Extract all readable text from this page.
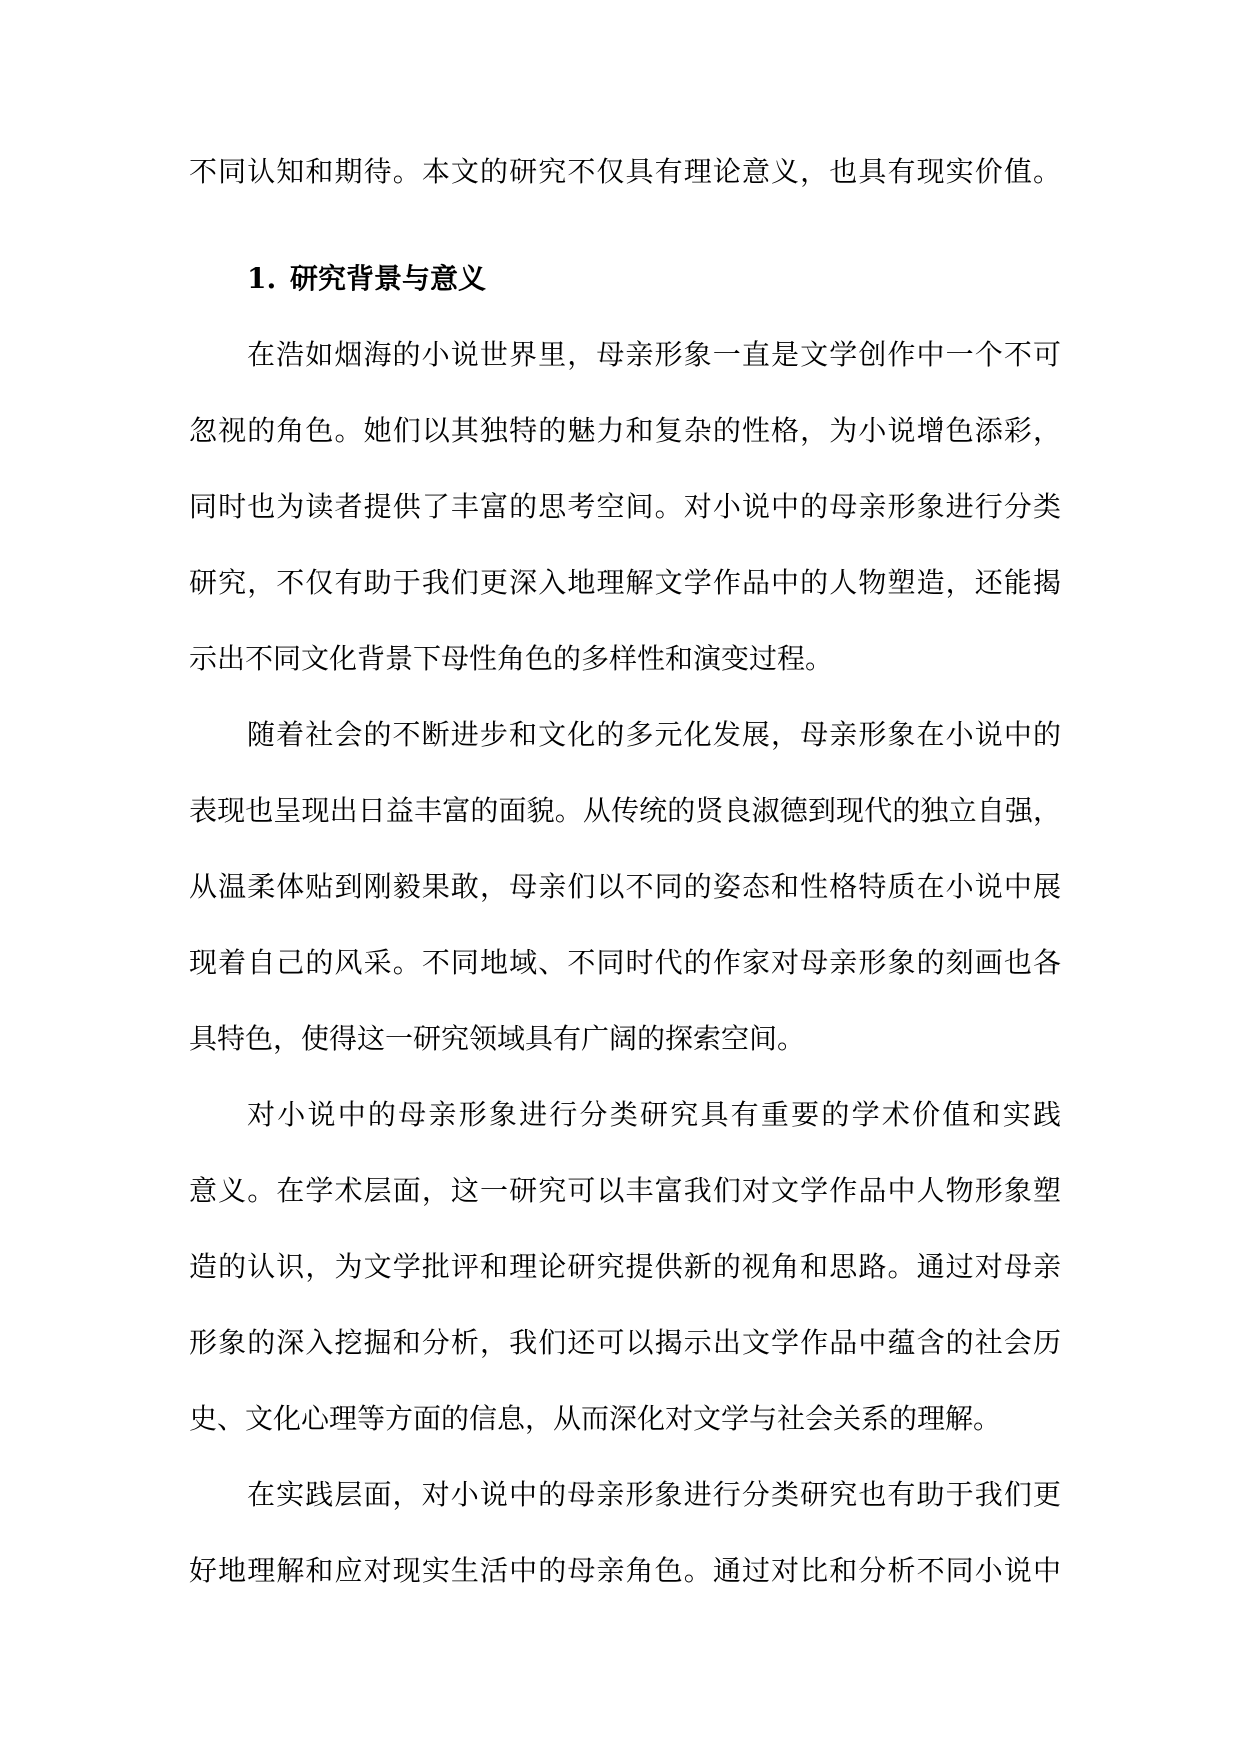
不同认知和期待。本文的研究不仅具有理论意义，也具有现实价值。
1. 研究背景与意义
在浩如烟海的小说世界里，母亲形象一直是文学创作中一个不可
忽视的角色。她们以其独特的魅力和复杂的性格，为小说增色添彩，
同时也为读者提供了丰富的思考空间。对小说中的母亲形象进行分类
研究，不仅有助于我们更深入地理解文学作品中的人物塑造，还能揭
示出不同文化背景下母性角色的多样性和演变过程。
随着社会的不断进步和文化的多元化发展，母亲形象在小说中的
表现也呈现出日益丰富的面貌。从传统的贤良淑德到现代的独立自强，
从温柔体贴到刚毅果敢，母亲们以不同的姿态和性格特质在小说中展
现着自己的风采。不同地域、不同时代的作家对母亲形象的刻画也各
具特色，使得这一研究领域具有广阔的探索空间。
对小说中的母亲形象进行分类研究具有重要的学术价值和实践
意义。在学术层面，这一研究可以丰富我们对文学作品中人物形象塑
造的认识，为文学批评和理论研究提供新的视角和思路。通过对母亲
形象的深入挖掘和分析，我们还可以揭示出文学作品中蕴含的社会历
史、文化心理等方面的信息，从而深化对文学与社会关系的理解。
在实践层面，对小说中的母亲形象进行分类研究也有助于我们更
好地理解和应对现实生活中的母亲角色。通过对比和分析不同小说中
